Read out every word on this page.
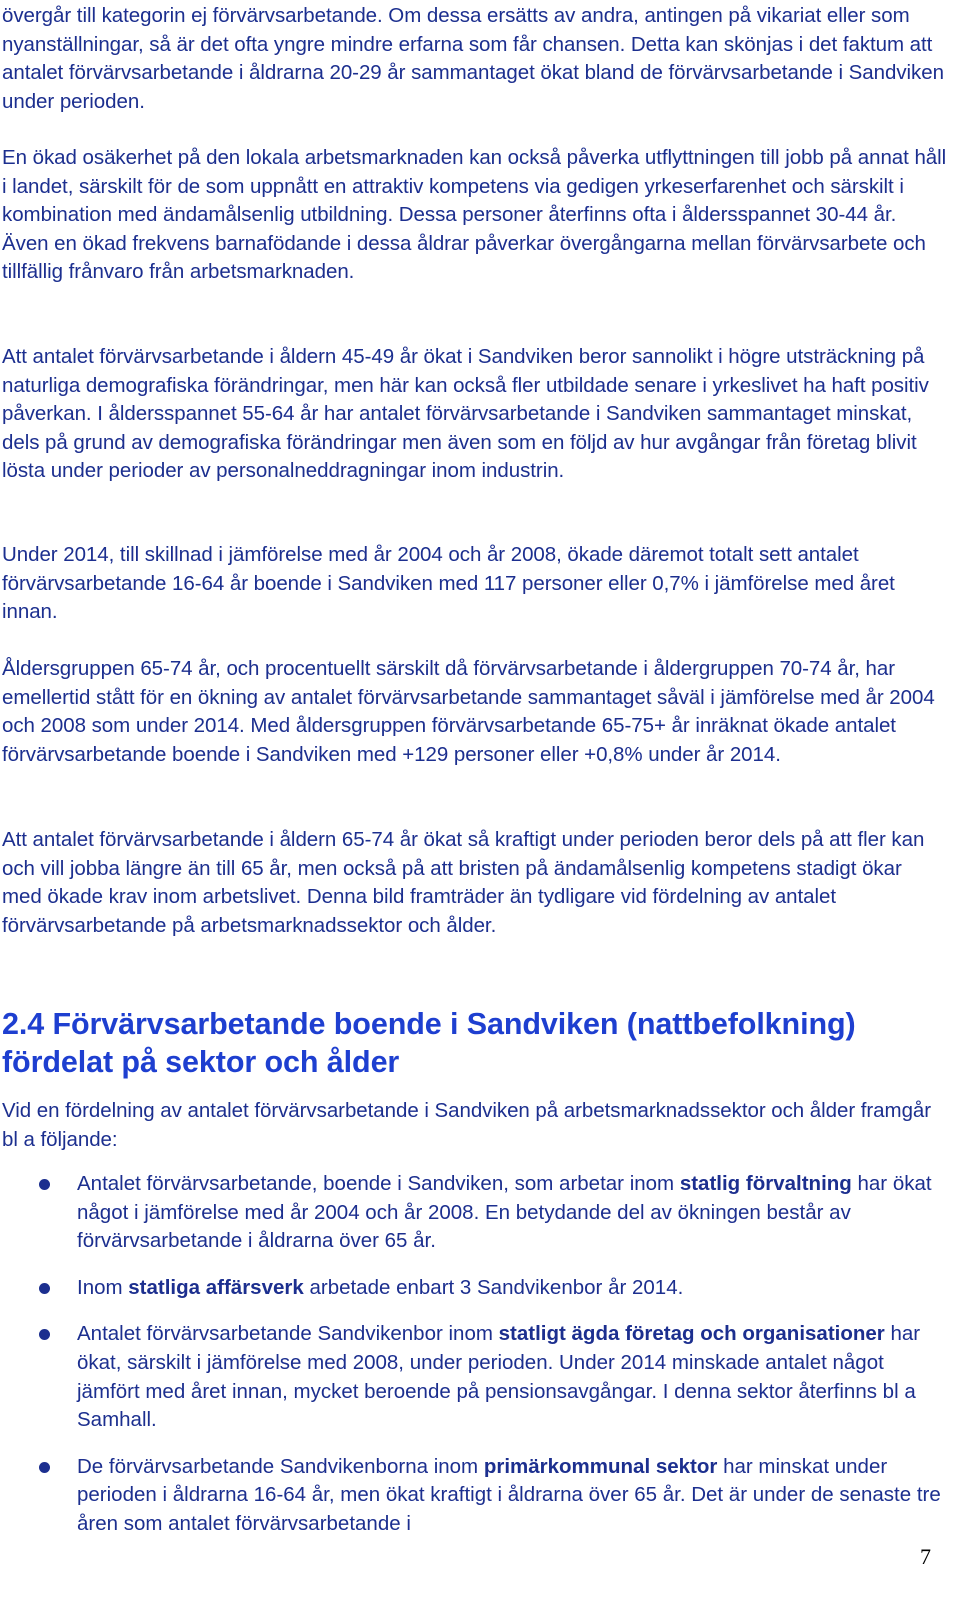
övergår till kategorin ej förvärvsarbetande. Om dessa ersätts av andra, antingen på vikariat eller som nyanställningar, så är det ofta yngre mindre erfarna som får chansen. Detta kan skönjas i det faktum att antalet förvärvsarbetande i åldrarna 20-29 år sammantaget ökat bland de förvärvsarbetande i Sandviken under perioden.

En ökad osäkerhet på den lokala arbetsmarknaden kan också påverka utflyttningen till jobb på annat håll i landet, särskilt för de som uppnått en attraktiv kompetens via gedigen yrkeserfarenhet och särskilt i kombination med ändamålsenlig utbildning. Dessa personer återfinns ofta i åldersspannet 30-44 år. Även en ökad frekvens barnafödande i dessa åldrar påverkar övergångarna mellan förvärvsarbete och tillfällig frånvaro från arbetsmarknaden.

Att antalet förvärvsarbetande i åldern 45-49 år ökat i Sandviken beror sannolikt i högre utsträckning på naturliga demografiska förändringar, men här kan också fler utbildade senare i yrkeslivet ha haft positiv påverkan. I åldersspannet 55-64 år har antalet förvärvsarbetande i Sandviken sammantaget minskat, dels på grund av demografiska förändringar men även som en följd av hur avgångar från företag blivit lösta under perioder av personalneddragningar inom industrin.

Under 2014, till skillnad i jämförelse med år 2004 och år 2008, ökade däremot totalt sett antalet förvärvsarbetande 16-64 år boende i Sandviken med 117 personer eller 0,7% i jämförelse med året innan.

Åldersgruppen 65-74 år, och procentuellt särskilt då förvärvsarbetande i åldergruppen 70-74 år, har emellertid stått för en ökning av antalet förvärvsarbetande sammantaget såväl i jämförelse med år 2004 och 2008 som under 2014. Med åldersgruppen förvärvsarbetande 65-75+ år inräknat ökade antalet förvärvsarbetande boende i Sandviken med +129 personer eller +0,8% under år 2014.

Att antalet förvärvsarbetande i åldern 65-74 år ökat så kraftigt under perioden beror dels på att fler kan och vill jobba längre än till 65 år, men också på att bristen på ändamålsenlig kompetens stadigt ökar med ökade krav inom arbetslivet. Denna bild framträder än tydligare vid fördelning av antalet förvärvsarbetande på arbetsmarknadssektor och ålder.

2.4 Förvärvsarbetande boende i Sandviken (nattbefolkning) fördelat på sektor och ålder

Vid en fördelning av antalet förvärvsarbetande i Sandviken på arbetsmarknadssektor och ålder framgår bl a följande:

Antalet förvärvsarbetande, boende i Sandviken, som arbetar inom statlig förvaltning har ökat något i jämförelse med år 2004 och år 2008. En betydande del av ökningen består av förvärvsarbetande i åldrarna över 65 år.
Inom statliga affärsverk arbetade enbart 3 Sandvikenbor år 2014.
Antalet förvärvsarbetande Sandvikenbor inom statligt ägda företag och organisationer har ökat, särskilt i jämförelse med 2008, under perioden. Under 2014 minskade antalet något jämfört med året innan, mycket beroende på pensionsavgångar. I denna sektor återfinns bl a Samhall.
De förvärvsarbetande Sandvikenborna inom primärkommunal sektor har minskat under perioden i åldrarna 16-64 år, men ökat kraftigt i åldrarna över 65 år. Det är under de senaste tre åren som antalet förvärvsarbetande i
7
